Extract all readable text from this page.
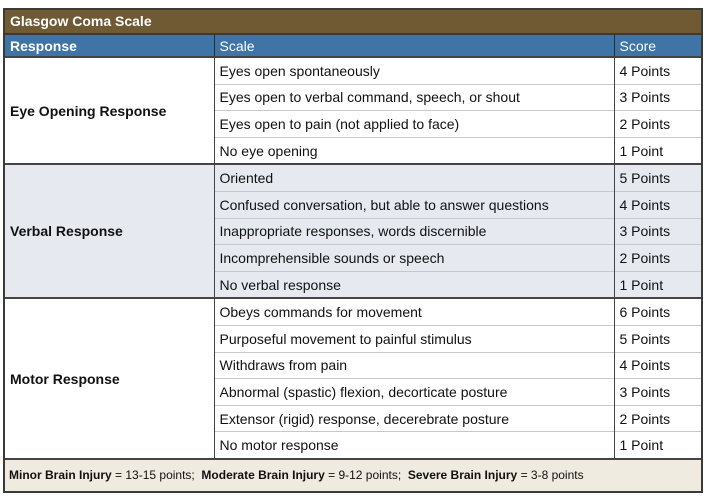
Glasgow Coma Scale
Response	Scale	Score
Eye Opening Response	Eyes open spontaneously	4 Points
	Eyes open to verbal command, speech, or shout	3 Points
	Eyes open to pain (not applied to face)	2 Points
	No eye opening	1 Point
Verbal Response	Oriented	5 Points
	Confused conversation, but able to answer questions	4 Points
	Inappropriate responses, words discernible	3 Points
	Incomprehensible sounds or speech	2 Points
	No verbal response	1 Point
Motor Response	Obeys commands for movement	6 Points
	Purposeful movement to painful stimulus	5 Points
	Withdraws from pain	4 Points
	Abnormal (spastic) flexion, decorticate posture	3 Points
	Extensor (rigid) response, decerebrate posture	2 Points
	No motor response	1 Point
Minor Brain Injury = 13-15 points;  Moderate Brain Injury = 9-12 points;  Severe Brain Injury = 3-8 points
